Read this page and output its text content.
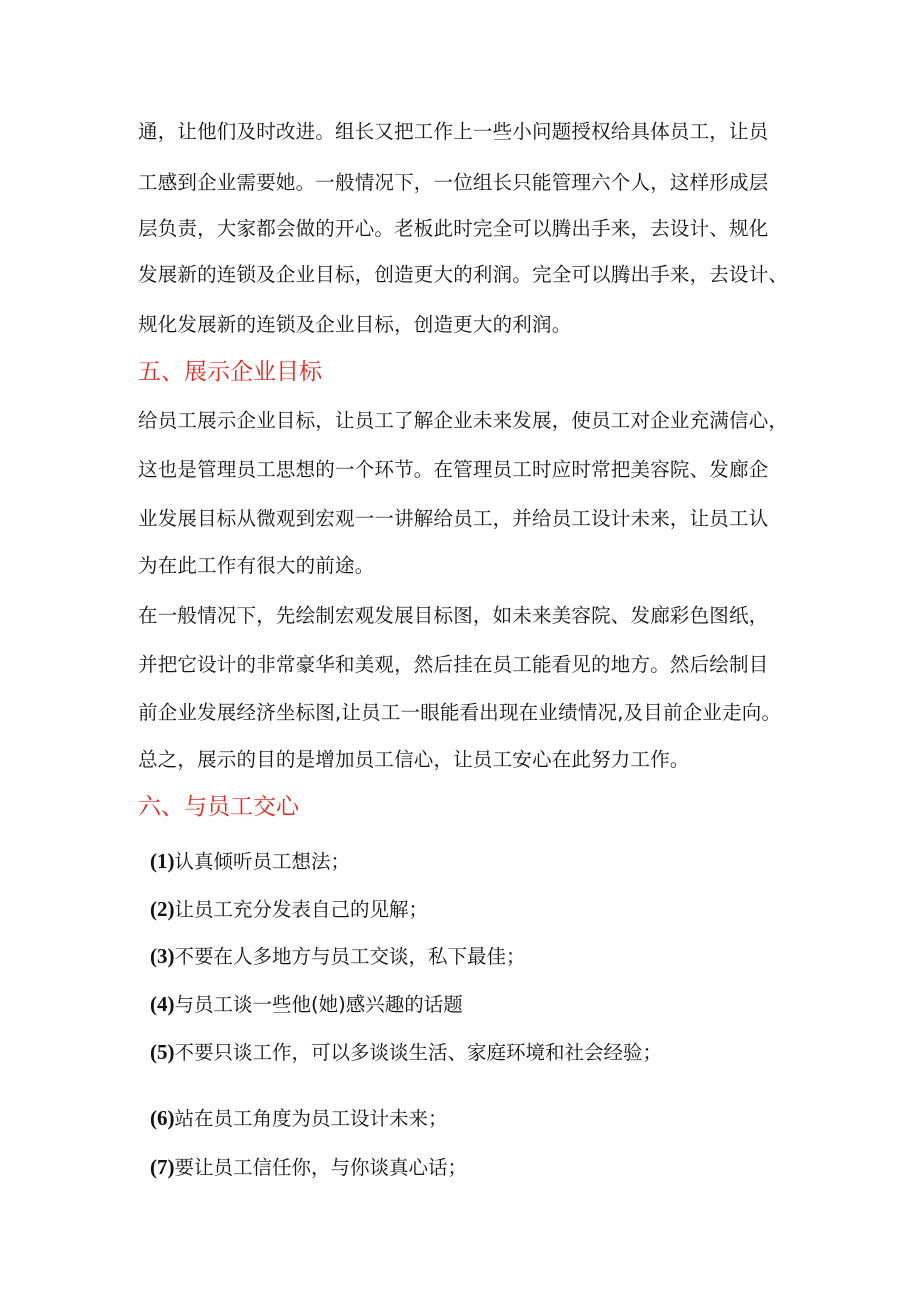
通，让他们及时改进。组长又把工作上一些小问题授权给具体员工，让员
工感到企业需要她。一般情况下，一位组长只能管理六个人，这样形成层
层负责，大家都会做的开心。老板此时完全可以腾出手来，去设计、规化
发展新的连锁及企业目标，创造更大的利润。完全可以腾出手来，去设计、
规化发展新的连锁及企业目标，创造更大的利润。
五、展示企业目标
给员工展示企业目标，让员工了解企业未来发展，使员工对企业充满信心，
这也是管理员工思想的一个环节。在管理员工时应时常把美容院、发廊企
业发展目标从微观到宏观一一讲解给员工，并给员工设计未来，让员工认
为在此工作有很大的前途。
在一般情况下，先绘制宏观发展目标图，如未来美容院、发廊彩色图纸，
并把它设计的非常豪华和美观，然后挂在员工能看见的地方。然后绘制目
前企业发展经济坐标图,让员工一眼能看出现在业绩情况,及目前企业走向。
总之，展示的目的是增加员工信心，让员工安心在此努力工作。
六、与员工交心
(1)认真倾听员工想法；
(2)让员工充分发表自己的见解；
(3)不要在人多地方与员工交谈，私下最佳；
(4)与员工谈一些他(她)感兴趣的话题
(5)不要只谈工作，可以多谈谈生活、家庭环境和社会经验；
(6)站在员工角度为员工设计未来；
(7)要让员工信任你，与你谈真心话；
